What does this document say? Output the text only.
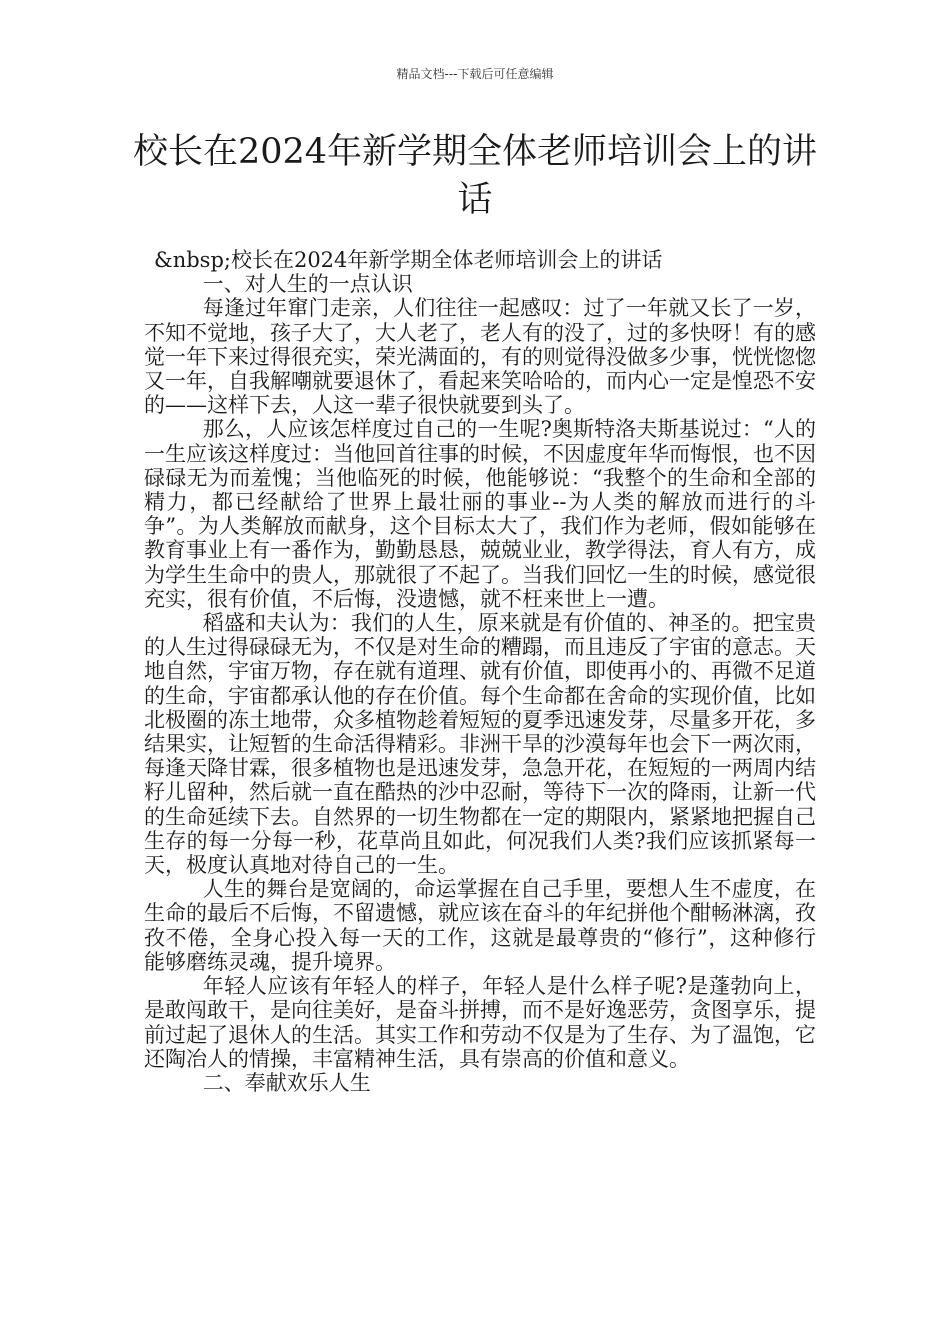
精品文档---下载后可任意编辑
校长在2024年新学期全体老师培训会上的讲话

&nbsp;校长在2024年新学期全体老师培训会上的讲话

一、对人生的一点认识

每逢过年窜门走亲，人们往往一起感叹：过了一年就又长了一岁，不知不觉地，孩子大了，大人老了，老人有的没了，过的多快呀！有的感觉一年下来过得很充实，荣光满面的，有的则觉得没做多少事，恍恍惚惚又一年，自我解嘲就要退休了，看起来笑哈哈的，而内心一定是惶恐不安的——这样下去，人这一辈子很快就要到头了。

那么，人应该怎样度过自己的一生呢?奥斯特洛夫斯基说过：“人的一生应该这样度过：当他回首往事的时候，不因虚度年华而悔恨，也不因碌碌无为而羞愧；当他临死的时候，他能够说：“我整个的生命和全部的精力，都已经献给了世界上最壮丽的事业--为人类的解放而进行的斗争”。为人类解放而献身，这个目标太大了，我们作为老师，假如能够在教育事业上有一番作为，勤勤恳恳，兢兢业业，教学得法，育人有方，成为学生生命中的贵人，那就很了不起了。当我们回忆一生的时候，感觉很充实，很有价值，不后悔，没遗憾，就不枉来世上一遭。

稻盛和夫认为：我们的人生，原来就是有价值的、神圣的。把宝贵的人生过得碌碌无为，不仅是对生命的糟蹋，而且违反了宇宙的意志。天地自然，宇宙万物，存在就有道理、就有价值，即使再小的、再微不足道的生命，宇宙都承认他的存在价值。每个生命都在舍命的实现价值，比如北极圈的冻土地带，众多植物趁着短短的夏季迅速发芽，尽量多开花，多结果实，让短暂的生命活得精彩。非洲干旱的沙漠每年也会下一两次雨，每逢天降甘霖，很多植物也是迅速发芽，急急开花，在短短的一两周内结籽儿留种，然后就一直在酷热的沙中忍耐，等待下一次的降雨，让新一代的生命延续下去。自然界的一切生物都在一定的期限内，紧紧地把握自己生存的每一分每一秒，花草尚且如此，何况我们人类?我们应该抓紧每一天，极度认真地对待自己的一生。

人生的舞台是宽阔的，命运掌握在自己手里，要想人生不虚度，在生命的最后不后悔，不留遗憾，就应该在奋斗的年纪拼他个酣畅淋漓，孜孜不倦，全身心投入每一天的工作，这就是最尊贵的“修行”，这种修行能够磨练灵魂，提升境界。

年轻人应该有年轻人的样子，年轻人是什么样子呢?是蓬勃向上，是敢闯敢干，是向往美好，是奋斗拼搏，而不是好逸恶劳，贪图享乐，提前过起了退休人的生活。其实工作和劳动不仅是为了生存、为了温饱，它还陶冶人的情操，丰富精神生活，具有崇高的价值和意义。

二、奉献欢乐人生
